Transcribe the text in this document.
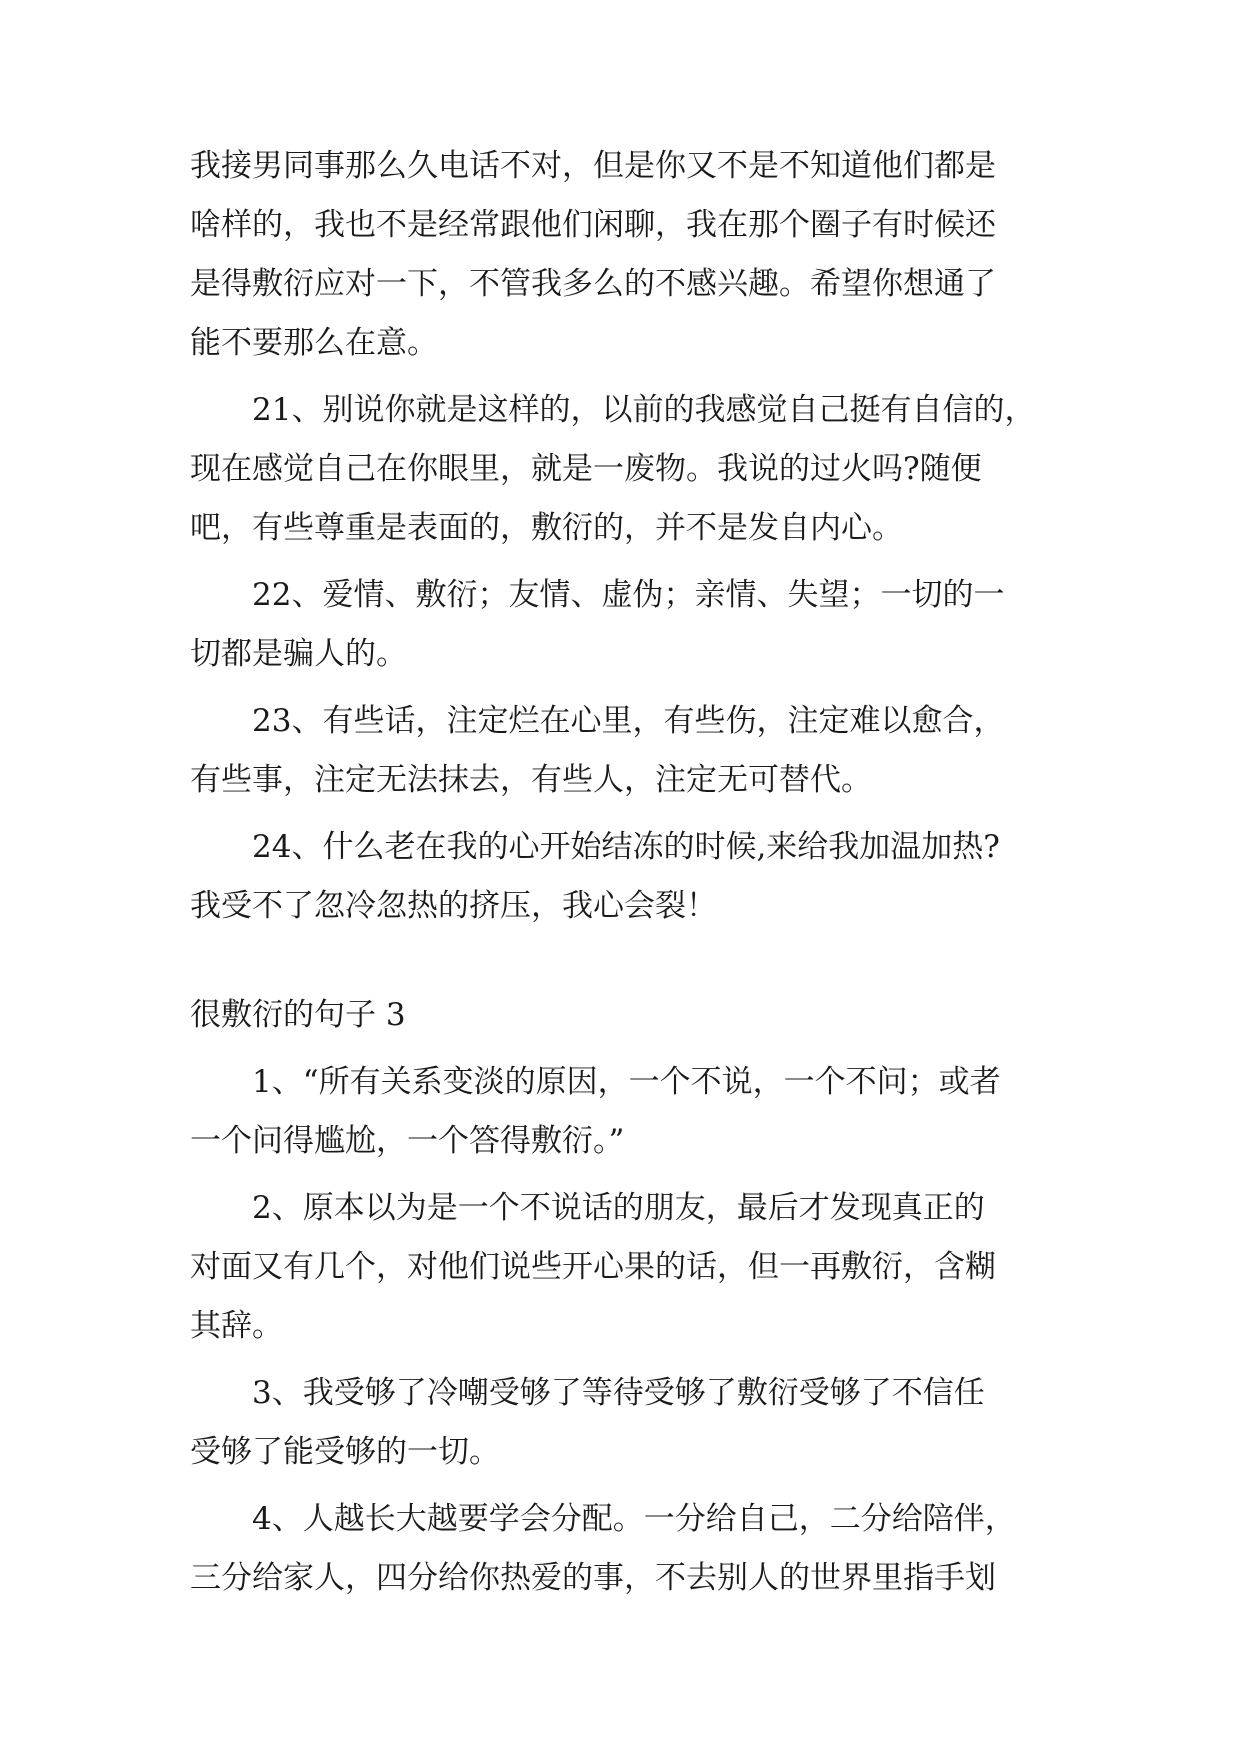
我接男同事那么久电话不对，但是你又不是不知道他们都是
啥样的，我也不是经常跟他们闲聊，我在那个圈子有时候还
是得敷衍应对一下，不管我多么的不感兴趣。希望你想通了
能不要那么在意。
21、别说你就是这样的，以前的我感觉自己挺有自信的，
现在感觉自己在你眼里，就是一废物。我说的过火吗?随便
吧，有些尊重是表面的，敷衍的，并不是发自内心。
22、爱情、敷衍；友情、虚伪；亲情、失望；一切的一
切都是骗人的。
23、有些话，注定烂在心里，有些伤，注定难以愈合，
有些事，注定无法抹去，有些人，注定无可替代。
24、什么老在我的心开始结冻的时候,来给我加温加热?
我受不了忽冷忽热的挤压，我心会裂！
很敷衍的句子 3
1、“所有关系变淡的原因，一个不说，一个不问；或者
一个问得尴尬，一个答得敷衍。”
2、原本以为是一个不说话的朋友，最后才发现真正的
对面又有几个，对他们说些开心果的话，但一再敷衍，含糊
其辞。
3、我受够了冷嘲受够了等待受够了敷衍受够了不信任
受够了能受够的一切。
4、人越长大越要学会分配。一分给自己，二分给陪伴，
三分给家人，四分给你热爱的事，不去别人的世界里指手划
